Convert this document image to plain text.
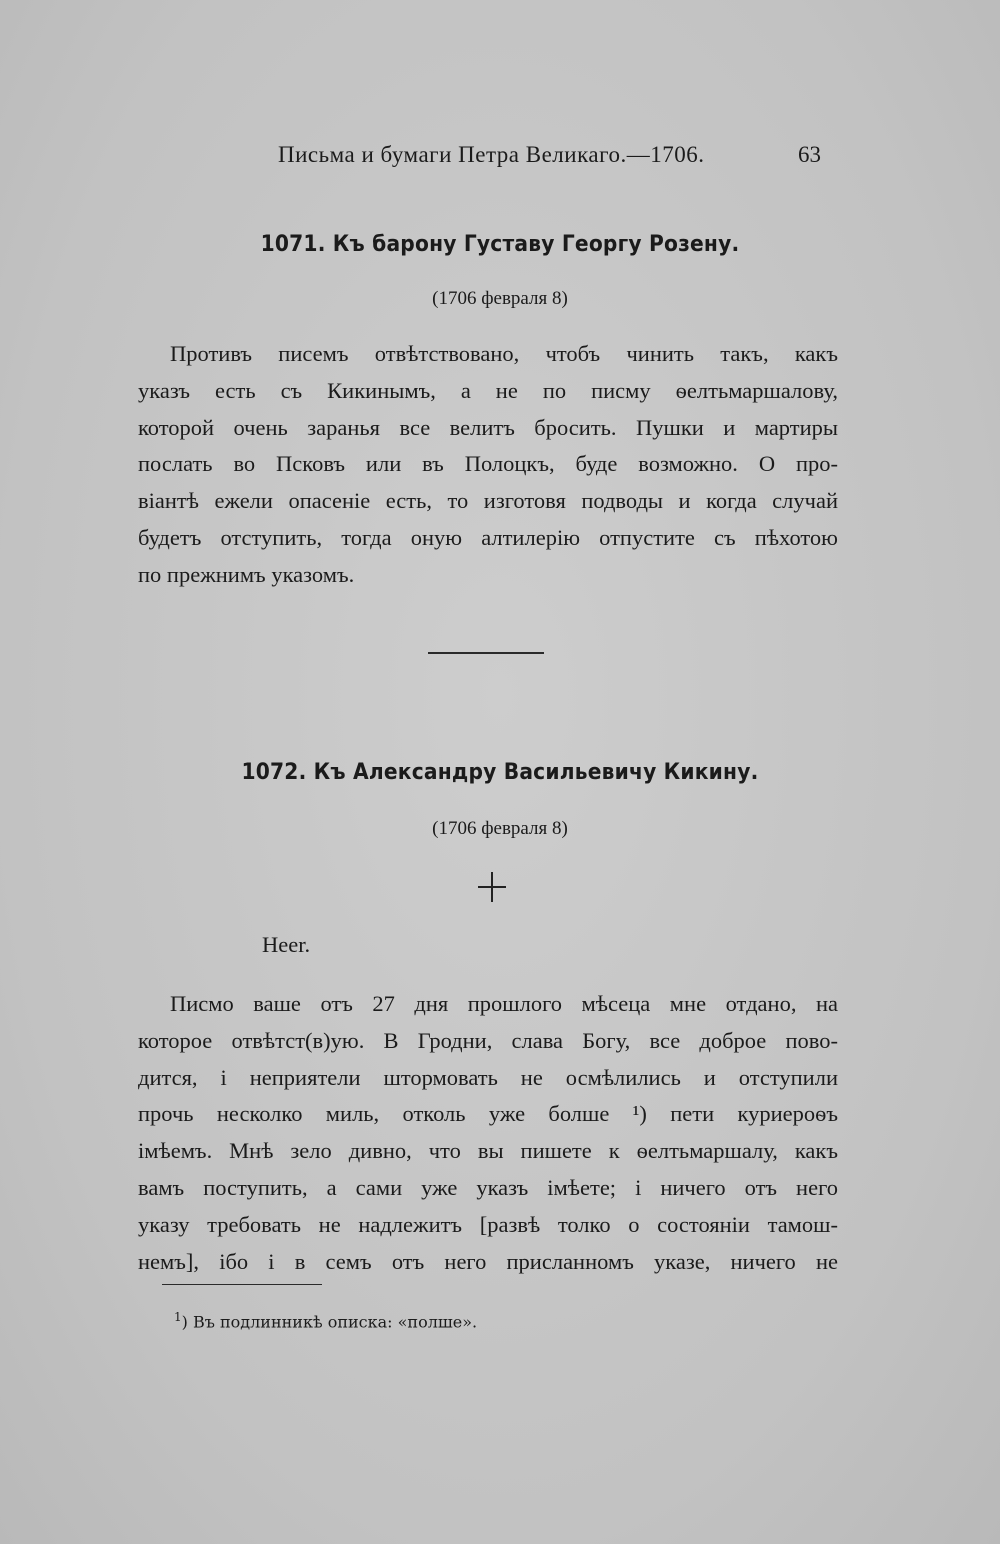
Письма и бумаги Петра Великаго.—1706.	63
1071. Къ барону Густаву Георгу Розену.
(1706 февраля 8)
Противъ писемъ отвѣтствовано, чтобъ чинить такъ, какъ
указъ есть съ Кикинымъ, а не по писму ѳелтьмаршалову,
которой очень заранья все велитъ бросить. Пушки и мартиры
послать во Псковъ или въ Полоцкъ, буде возможно. О про-
віантѣ ежели опасеніе есть, то изготовя подводы и когда случай
будетъ отступить, тогда оную алтилерію отпустите съ пѣхотою
по прежнимъ указомъ.
1072. Къ Александру Васильевичу Кикину.
(1706 февраля 8)
Heer.
Писмо ваше отъ 27 дня прошлого мѣсеца мне отдано, на
которое отвѣтст(в)ую. В Гродни, слава Богу, все доброе пово-
дится, і неприятели штормовать не осмѣлились и отступили
прочь несколко миль, отколь уже болше ¹) пети куриероѳъ
імѣемъ. Мнѣ зело дивно, что вы пишете к ѳелтьмаршалу, какъ
вамъ поступить, а сами уже указъ імѣете; і ничего отъ него
указу требовать не надлежитъ [развѣ толко о состояніи тамош-
немъ], ібо і в семъ отъ него присланномъ указе, ничего не
$^1$) Въ подлинникѣ описка: «полше».
